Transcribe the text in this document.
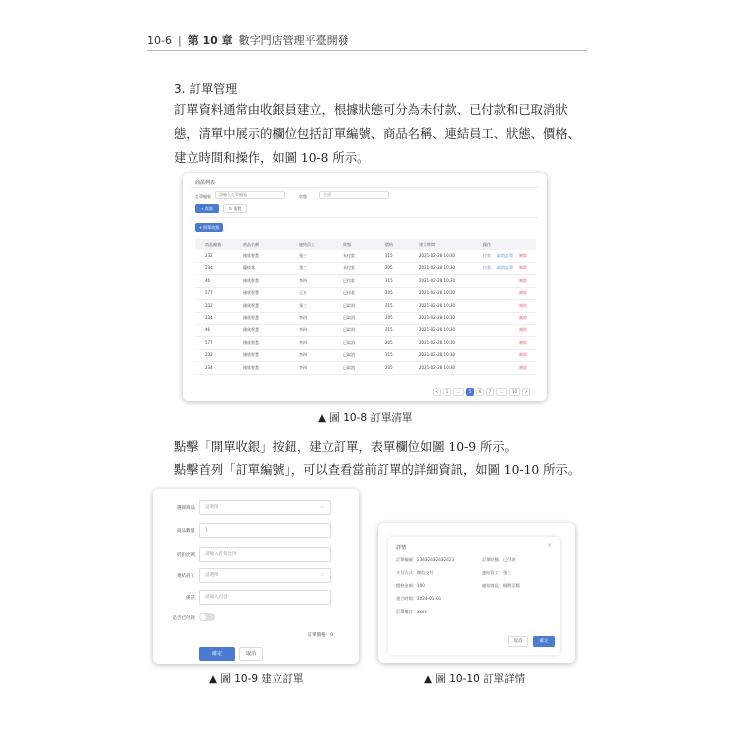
10-6 | 第 10 章 數字門店管理平臺開發
3. 訂單管理

訂單資料通常由收銀員建立，根據狀態可分為未付款、已付款和已取消狀態，清單中展示的欄位包括訂單編號、商品名稱、連結員工、狀態、價格、建立時間和操作，如圖 10-8 所示。

商品列表
訂單編號	請輸入訂單編號	狀態	全部
⌕ 查詢	↻ 重置
+ 開單收銀
商品編號	商品名稱	連結員工	狀態	價格	建立時間	操作
232	國欣智慧	張三	未付款	315	2021-02-28 10:30	付款 取消訂單 刪除
234	優搖客	張三	未付款	205	2021-02-28 10:30	付款 取消訂單 刪除
46	國欣智慧	李四	已付款	315	2021-02-28 10:30	刪除
577	國欣智慧	王五	已付款	205	2021-02-28 10:30	刪除
232	國欣智慧	張三	已取消	315	2021-02-28 10:30	刪除
234	國欣智慧	李四	已取消	205	2021-02-28 10:30	刪除
46	國欣智慧	李四	已取消	315	2021-02-28 10:30	刪除
577	國欣智慧	李四	已取消	205	2021-02-28 10:30	刪除
232	國欣智慧	李四	已取消	315	2021-02-28 10:30	刪除
234	國欣智慧	李四	已取消	205	2021-02-28 10:30	刪除
<	1	...	5	6	7	...	10	>
▲ 圖 10-8 訂單清單

點擊「開單收銀」按鈕，建立訂單，表單欄位如圖 10-9 所示。

點擊首列「訂單編號」，可以查看當前訂單的詳細資訊，如圖 10-10 所示。

選擇商品	請選擇	⌵
商品數量	1
折扣比例	請輸入折扣比例
連結員工	請選擇	⌵
備註	請輸入內容
是否已付款
訂單價格：0
確定	取消
▲ 圖 10-9 建立訂單
詳情	×
訂單編號：23432432432423
支付方式：微信支付
價格金額：100
建立時間：2024-01-01
訂單備註：xxxx
訂單狀態：已付款
連結員工：張三
連結商品：燒餅浮腸
取消	確定
▲ 圖 10-10 訂單詳情
